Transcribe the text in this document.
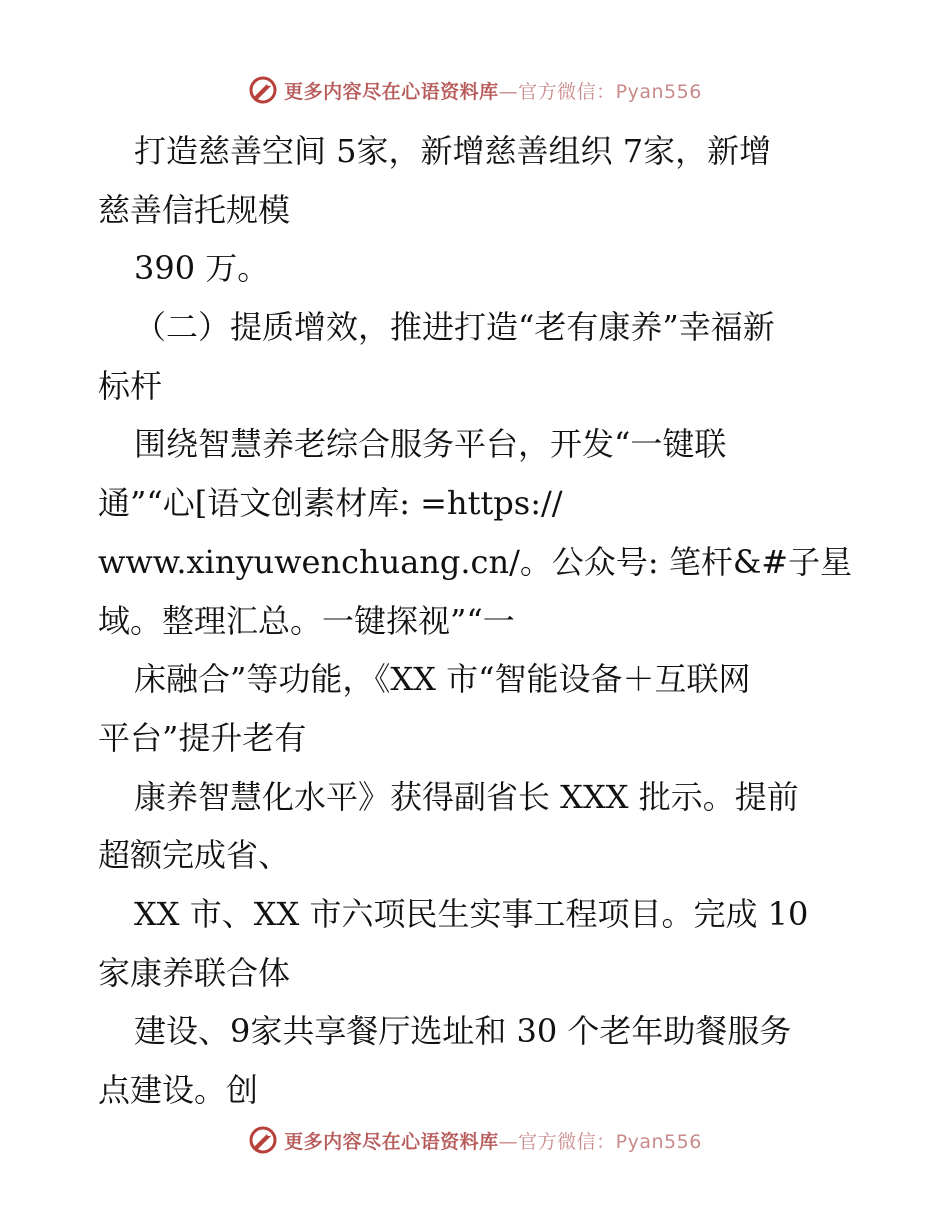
更多内容尽在心语资料库—官方微信：Pyan556

打造慈善空间 5家，新增慈善组织 7家，新增

慈善信托规模

390 万。

（二）提质增效，推进打造“老有康养”幸福新

标杆

围绕智慧养老综合服务平台，开发“一键联

通”“心[语文创素材库: =https://

www.xinyuwenchuang.cn/。公众号: 笔杆&#子星

域。整理汇总。一键探视”“一

床融合”等功能，《XX 市“智能设备＋互联网

平台”提升老有

康养智慧化水平》获得副省长 XXX 批示。提前

超额完成省、

XX 市、XX 市六项民生实事工程项目。完成 10

家康养联合体

建设、9家共享餐厅选址和 30 个老年助餐服务

点建设。创

更多内容尽在心语资料库—官方微信：Pyan556
